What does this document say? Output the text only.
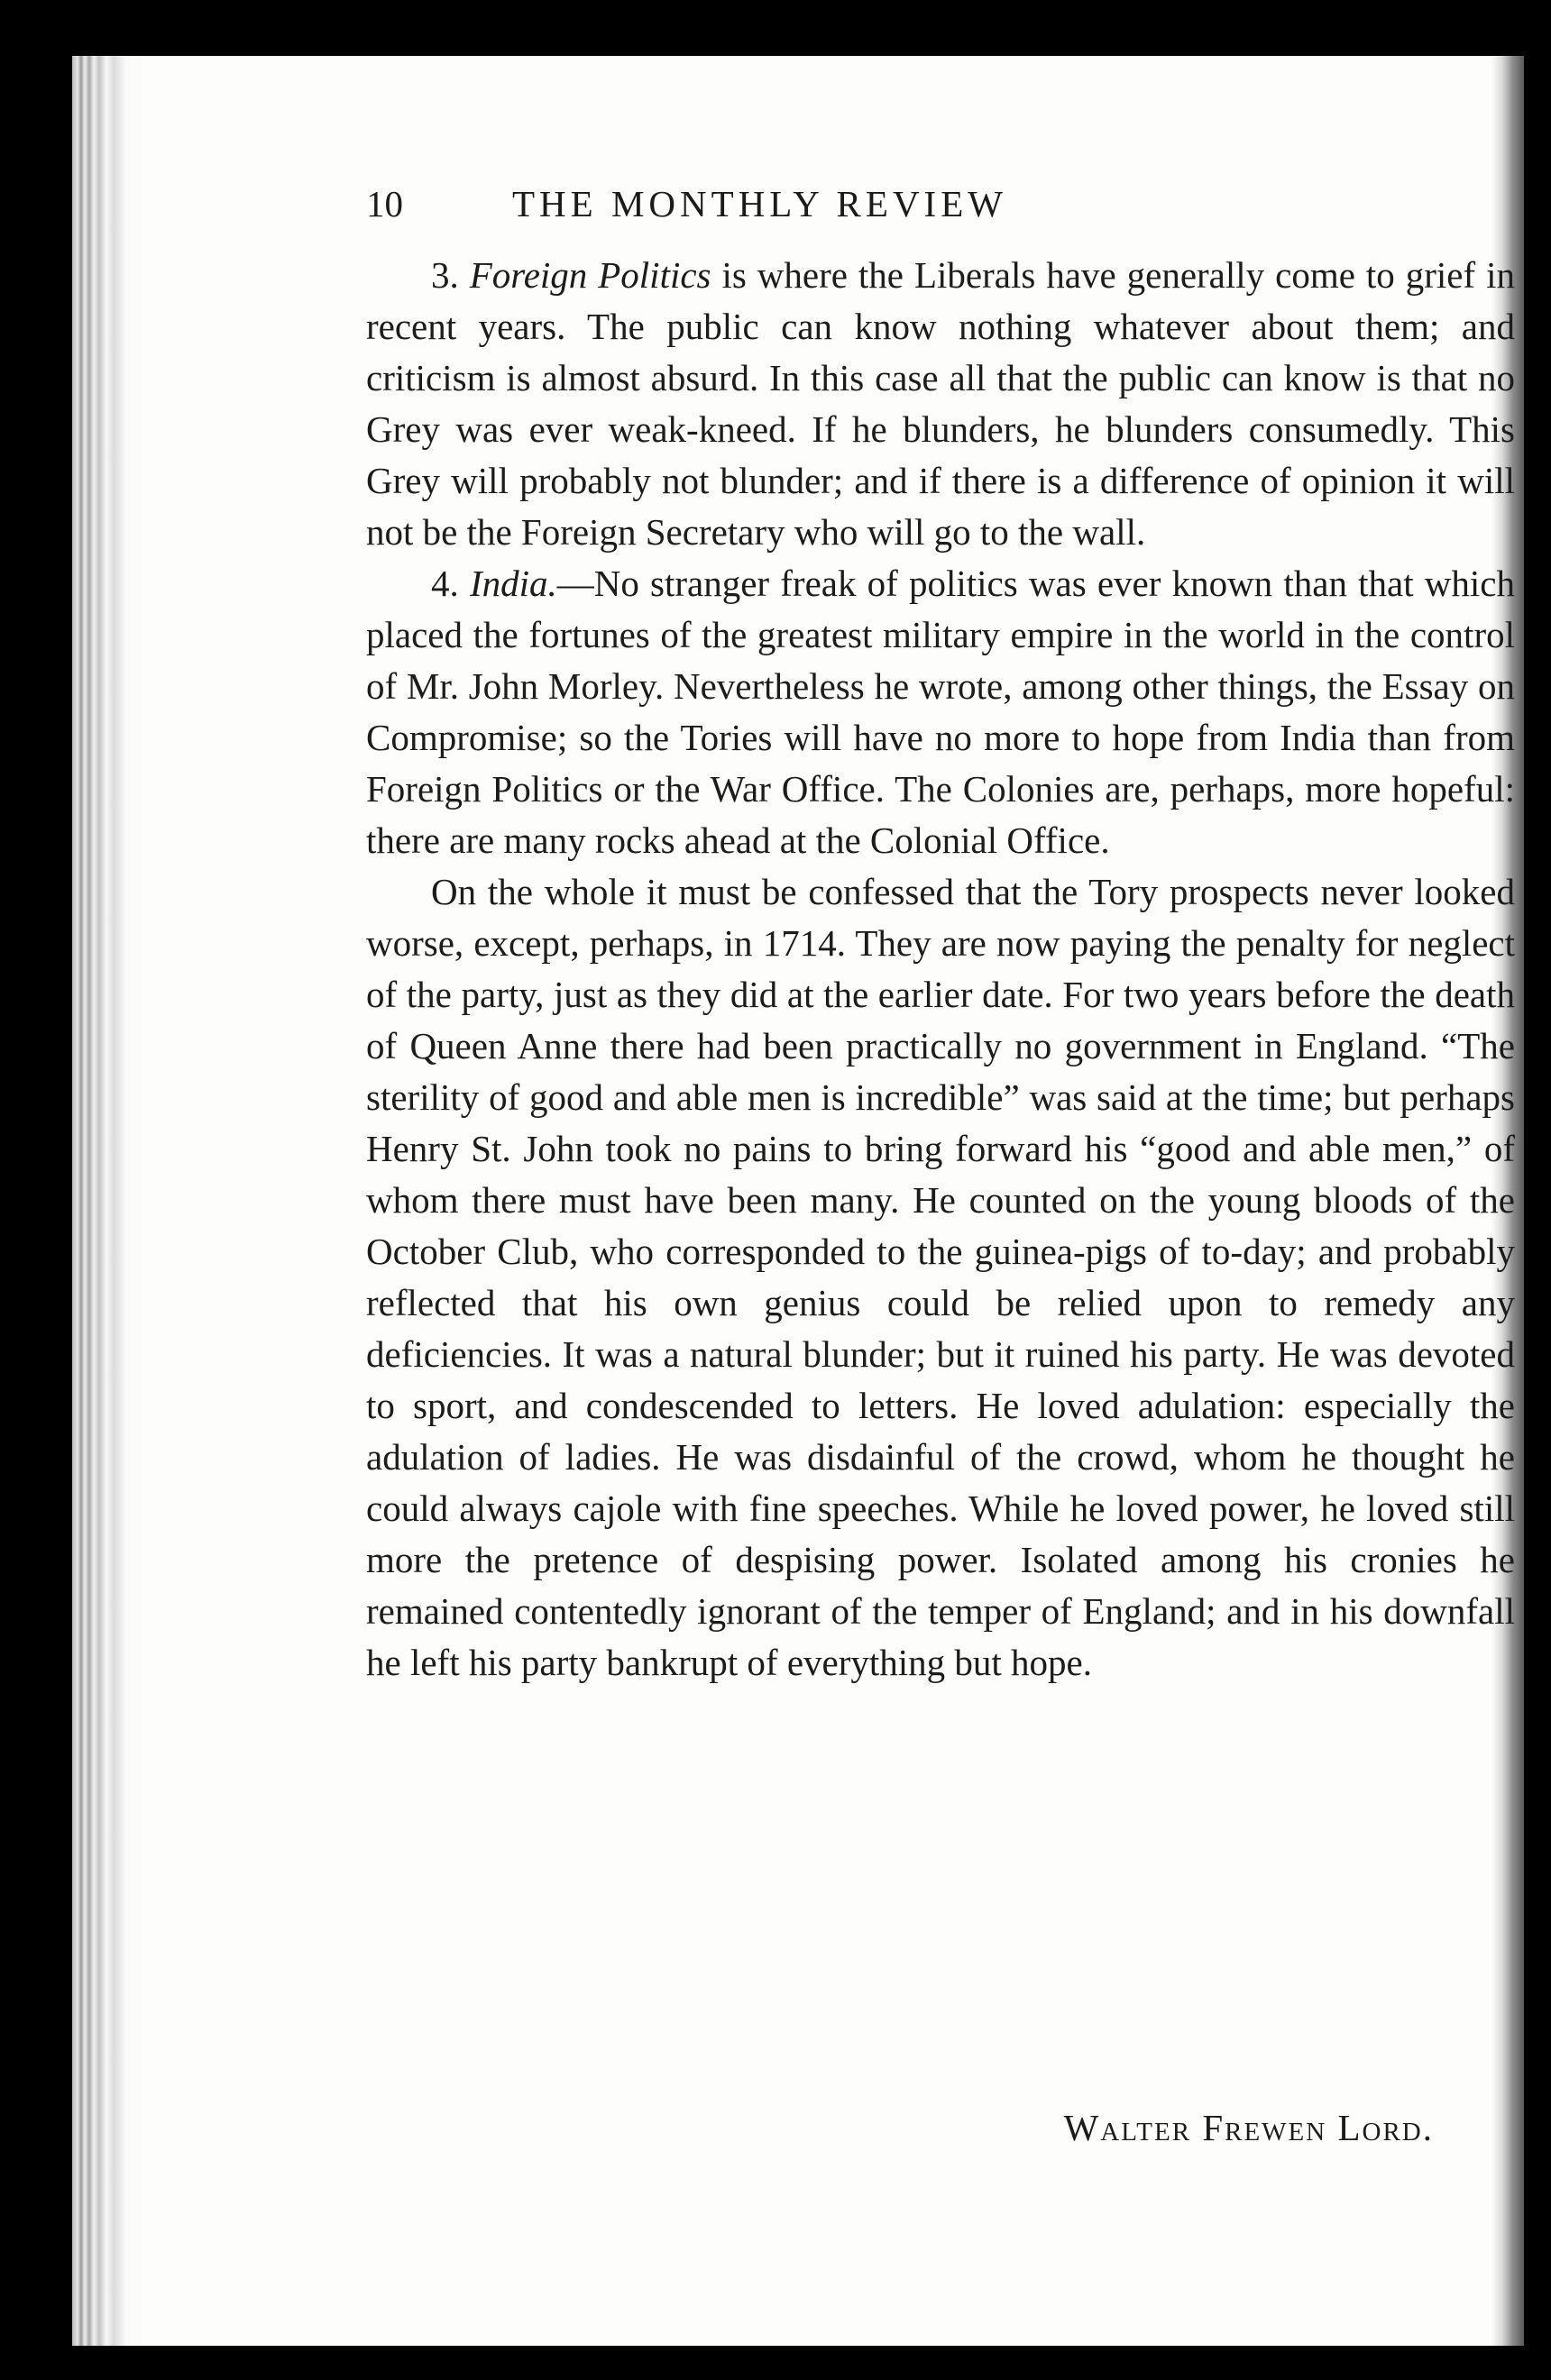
10	THE MONTHLY REVIEW

3. Foreign Politics is where the Liberals have generally come to grief in recent years. The public can know nothing whatever about them; and criticism is almost absurd. In this case all that the public can know is that no Grey was ever weak-kneed. If he blunders, he blunders consumedly. This Grey will probably not blunder; and if there is a difference of opinion it will not be the Foreign Secretary who will go to the wall.

4. India.—No stranger freak of politics was ever known than that which placed the fortunes of the greatest military empire in the world in the control of Mr. John Morley. Nevertheless he wrote, among other things, the Essay on Compromise; so the Tories will have no more to hope from India than from Foreign Politics or the War Office. The Colonies are, perhaps, more hopeful: there are many rocks ahead at the Colonial Office.

On the whole it must be confessed that the Tory prospects never looked worse, except, perhaps, in 1714. They are now paying the penalty for neglect of the party, just as they did at the earlier date. For two years before the death of Queen Anne there had been practically no government in England. “The sterility of good and able men is incredible” was said at the time; but perhaps Henry St. John took no pains to bring forward his “good and able men,” of whom there must have been many. He counted on the young bloods of the October Club, who corresponded to the guinea-pigs of to-day; and probably reflected that his own genius could be relied upon to remedy any deficiencies. It was a natural blunder; but it ruined his party. He was devoted to sport, and condescended to letters. He loved adulation: especially the adulation of ladies. He was disdainful of the crowd, whom he thought he could always cajole with fine speeches. While he loved power, he loved still more the pretence of despising power. Isolated among his cronies he remained contentedly ignorant of the temper of England; and in his downfall he left his party bankrupt of everything but hope.

Walter Frewen Lord.
